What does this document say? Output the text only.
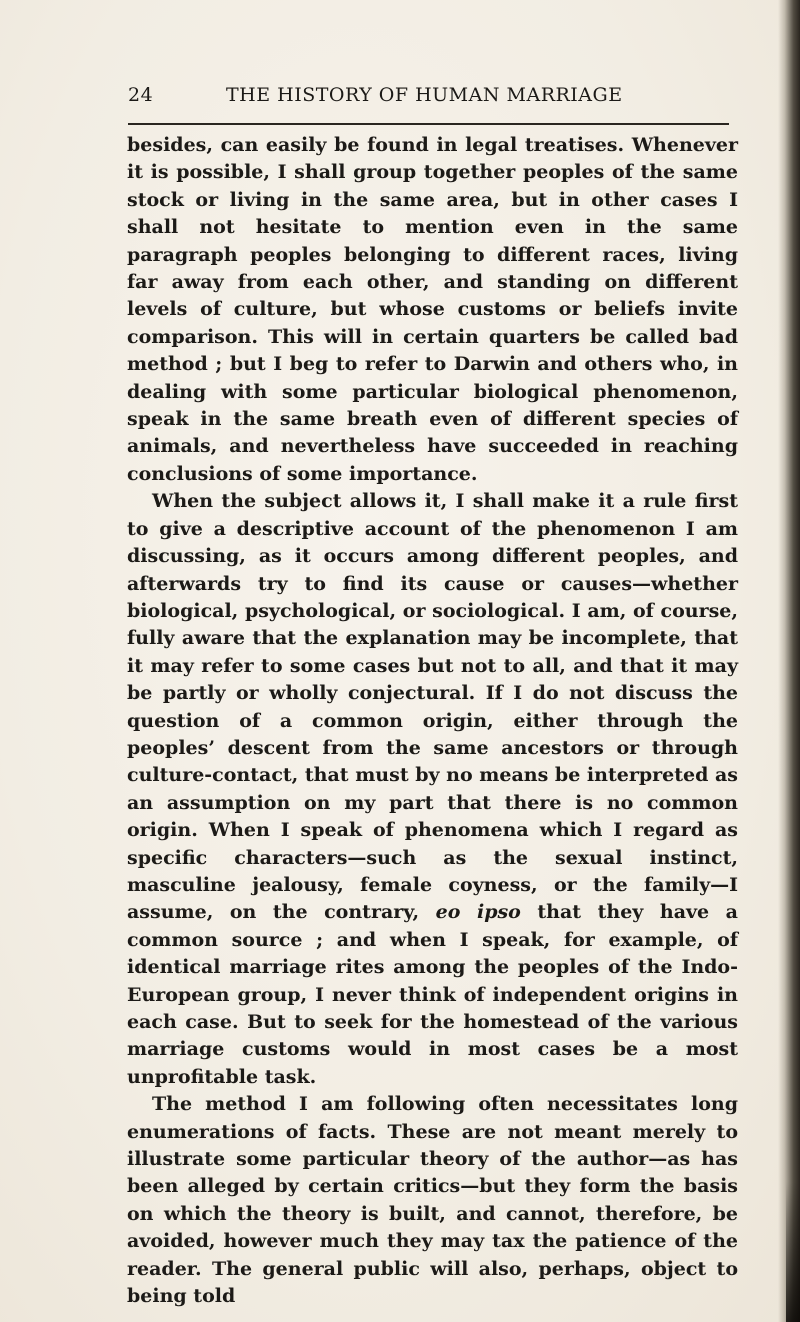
24	THE HISTORY OF HUMAN MARRIAGE

besides, can easily be found in legal treatises. Whenever it is possible, I shall group together peoples of the same stock or living in the same area, but in other cases I shall not hesitate to mention even in the same paragraph peoples belonging to different races, living far away from each other, and standing on different levels of culture, but whose customs or beliefs invite comparison. This will in certain quarters be called bad method ; but I beg to refer to Darwin and others who, in dealing with some particular biological phenomenon, speak in the same breath even of different species of animals, and nevertheless have succeeded in reaching conclusions of some importance.

When the subject allows it, I shall make it a rule first to give a descriptive account of the phenomenon I am discussing, as it occurs among different peoples, and afterwards try to find its cause or causes—whether biological, psychological, or sociological. I am, of course, fully aware that the explanation may be incomplete, that it may refer to some cases but not to all, and that it may be partly or wholly conjectural. If I do not discuss the question of a common origin, either through the peoples’ descent from the same ancestors or through culture-contact, that must by no means be interpreted as an assumption on my part that there is no common origin. When I speak of phenomena which I regard as specific characters—such as the sexual instinct, masculine jealousy, female coyness, or the family—I assume, on the contrary, eo ipso that they have a common source ; and when I speak, for example, of identical marriage rites among the peoples of the Indo-European group, I never think of independent origins in each case. But to seek for the homestead of the various marriage customs would in most cases be a most unprofitable task.

The method I am following often necessitates long enumerations of facts. These are not meant merely to illustrate some particular theory of the author—as has been alleged by certain critics—but they form the basis on which the theory is built, and cannot, therefore, be avoided, however much they may tax the patience of the reader. The general public will also, perhaps, object to being told
